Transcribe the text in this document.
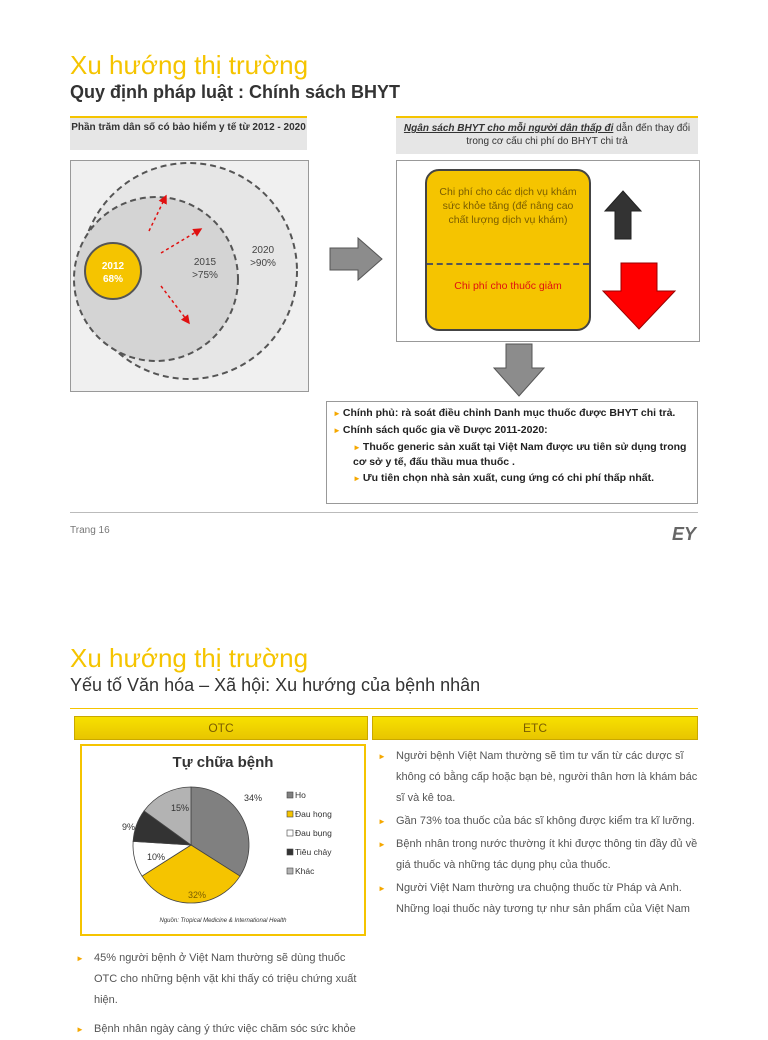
Xu hướng thị trường
Quy định pháp luật : Chính sách BHYT
Phần trăm dân số có bảo hiểm y tế từ 2012 - 2020
2012
68%
2015
>75%
2020
>90%
Ngân sách BHYT cho mỗi người dân thấp đi dẫn đến thay đổi trong cơ cấu chi phí do BHYT chi trả
Chi phí cho các dịch vụ khám sức khỏe tăng (để nâng cao chất lượng dịch vụ khám)
Chi phí cho thuốc giảm
► Chính phủ: rà soát điều chỉnh Danh mục thuốc được BHYT chi trả.
► Chính sách quốc gia về Dược 2011-2020:
► Thuốc generic sản xuất tại Việt Nam được ưu tiên sử dụng trong cơ sở y tế, đấu thầu mua thuốc .
► Ưu tiên chọn nhà sản xuất, cung ứng có chi phí thấp nhất.
Trang 16	EY
Xu hướng thị trường
Yếu tố Văn hóa – Xã hội: Xu hướng của bệnh nhân
OTC	ETC
Tự chữa bệnh
34%
32%
10%
9%
15%
Ho
Đau họng
Đau bụng
Tiêu chảy
Khác
Nguồn: Tropical Medicine & International Health
► 45% người bệnh ở Việt Nam thường sẽ dùng thuốc OTC cho những bệnh vặt khi thấy có triệu chứng xuất hiện.
► Bệnh nhân ngày càng ý thức việc chăm sóc sức khỏe
► Người bệnh Việt Nam thường sẽ tìm tư vấn từ các dược sĩ không có bằng cấp hoặc bạn bè, người thân hơn là khám bác sĩ và kê toa.
► Gần 73% toa thuốc của bác sĩ không được kiểm tra kĩ lưỡng.
► Bệnh nhân trong nước thường ít khi được thông tin đầy đủ về giá thuốc và những tác dụng phụ của thuốc.
► Người Việt Nam thường ưa chuộng thuốc từ Pháp và Anh. Những loại thuốc này tương tự như sản phẩm của Việt Nam
